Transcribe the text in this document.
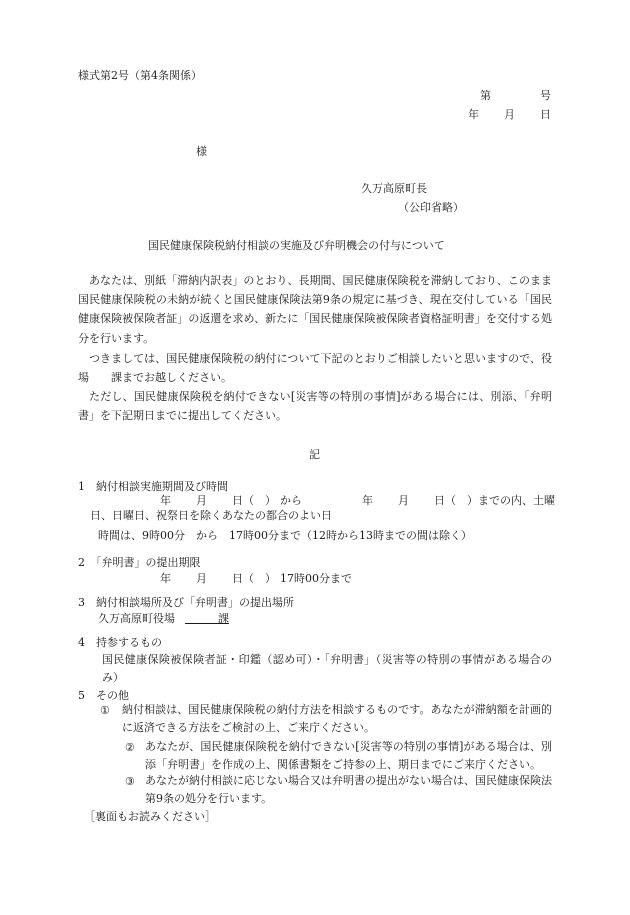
様式第2号（第4条関係）
第	号
年 月 日
様
久万高原町長
（公印省略）
国民健康保険税納付相談の実施及び弁明機会の付与について
あなたは、別紙「滞納内訳表」のとおり、長期間、国民健康保険税を滞納しており、このまま国民健康保険税の未納が続くと国民健康保険法第9条の規定に基づき、現在交付している「国民健康保険被保険者証」の返還を求め、新たに「国民健康保険被保険者資格証明書」を交付する処分を行います。
つきましては、国民健康保険税の納付について下記のとおりご相談したいと思いますので、役場　　課までお越しください。
ただし、国民健康保険税を納付できない[災害等の特別の事情]がある場合には、別添、「弁明書」を下記期日までに提出してください。
記
1　納付相談実施期間及び時間
年 月 日（　） から	年 月 日（　）までの内、土曜
日、日曜日、祝祭日を除くあなたの都合のよい日
時間は、9時00分　から　17時00分まで（12時から13時までの間は除く）
2　「弁明書」の提出期限
年 月 日（　） 17時00分まで
3　納付相談場所及び「弁明書」の提出場所
久万高原町役場　　　	課
4　持参するもの
国民健康保険被保険者証・印鑑（認め可）・「弁明書」（災害等の特別の事情がある場合のみ）
5　その他
① 納付相談は、国民健康保険税の納付方法を相談するものです。あなたが滞納額を計画的に返済できる方法をご検討の上、ご来庁ください。
② あなたが、国民健康保険税を納付できない[災害等の特別の事情]がある場合は、別添「弁明書」を作成の上、関係書類をご持参の上、期日までにご来庁ください。
③ あなたが納付相談に応じない場合又は弁明書の提出がない場合は、国民健康保険法第9条の処分を行います。
［裏面もお読みください］
